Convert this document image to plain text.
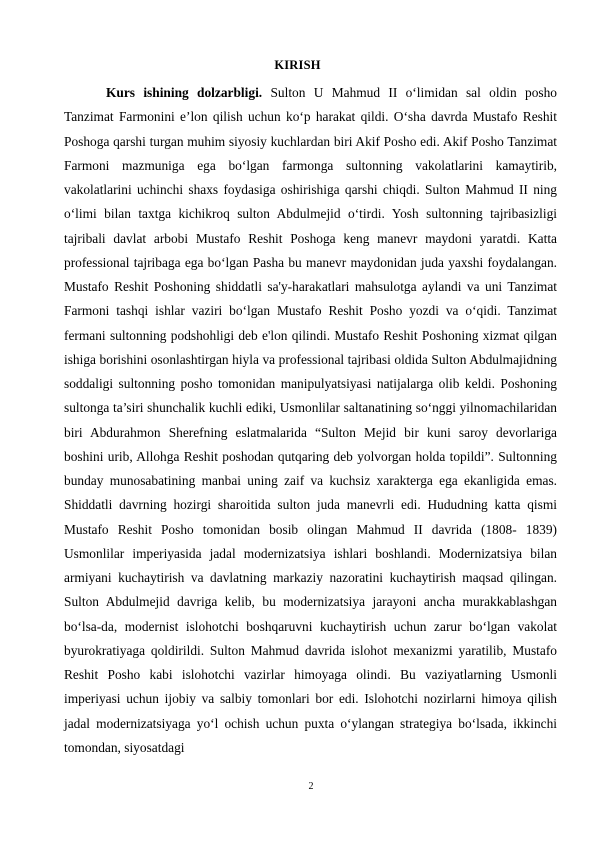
KIRISH

Kurs ishining dolzarbligi. Sulton U Mahmud II o‘limidan sal oldin posho Tanzimat Farmonini e’lon qilish uchun ko‘p harakat qildi. O‘sha davrda Mustafo Reshit Poshoga qarshi turgan muhim siyosiy kuchlardan biri Akif Posho edi. Akif Posho Tanzimat Farmoni mazmuniga ega bo‘lgan farmonga sultonning vakolatlarini kamaytirib, vakolatlarini uchinchi shaxs foydasiga oshirishiga qarshi chiqdi. Sulton Mahmud II ning o‘limi bilan taxtga kichikroq sulton Abdulmejid o‘tirdi. Yosh sultonning tajribasizligi tajribali davlat arbobi Mustafo Reshit Poshoga keng manevr maydoni yaratdi. Katta professional tajribaga ega bo‘lgan Pasha bu manevr maydonidan juda yaxshi foydalangan. Mustafo Reshit Poshoning shiddatli sa'y-harakatlari mahsulotga aylandi va uni Tanzimat Farmoni tashqi ishlar vaziri bo‘lgan Mustafo Reshit Posho yozdi va o‘qidi. Tanzimat fermani sultonning podshohligi deb e'lon qilindi. Mustafo Reshit Poshoning xizmat qilgan ishiga borishini osonlashtirgan hiyla va professional tajribasi oldida Sulton Abdulmajidning soddaligi sultonning posho tomonidan manipulyatsiyasi natijalarga olib keldi. Poshoning sultonga ta’siri shunchalik kuchli ediki, Usmonlilar saltanatining so‘nggi yilnomachilaridan biri Abdurahmon Sherefning eslatmalarida “Sulton Mejid bir kuni saroy devorlariga boshini urib, Allohga Reshit poshodan qutqaring deb yolvorgan holda topildi”. Sultonning bunday munosabatining manbai uning zaif va kuchsiz xarakterga ega ekanligida emas. Shiddatli davrning hozirgi sharoitida sulton juda manevrli edi. Hududning katta qismi Mustafo Reshit Posho tomonidan bosib olingan Mahmud II davrida (1808- 1839) Usmonlilar imperiyasida jadal modernizatsiya ishlari boshlandi. Modernizatsiya bilan armiyani kuchaytirish va davlatning markaziy nazoratini kuchaytirish maqsad qilingan. Sulton Abdulmejid davriga kelib, bu modernizatsiya jarayoni ancha murakkablashgan bo‘lsa-da, modernist islohotchi boshqaruvni kuchaytirish uchun zarur bo‘lgan vakolat byurokratiyaga qoldirildi. Sulton Mahmud davrida islohot mexanizmi yaratilib, Mustafo Reshit Posho kabi islohotchi vazirlar himoyaga olindi. Bu vaziyatlarning Usmonli imperiyasi uchun ijobiy va salbiy tomonlari bor edi. Islohotchi nozirlarni himoya qilish jadal modernizatsiyaga yo‘l ochish uchun puxta o‘ylangan strategiya bo‘lsada, ikkinchi tomondan, siyosatdagi

2
